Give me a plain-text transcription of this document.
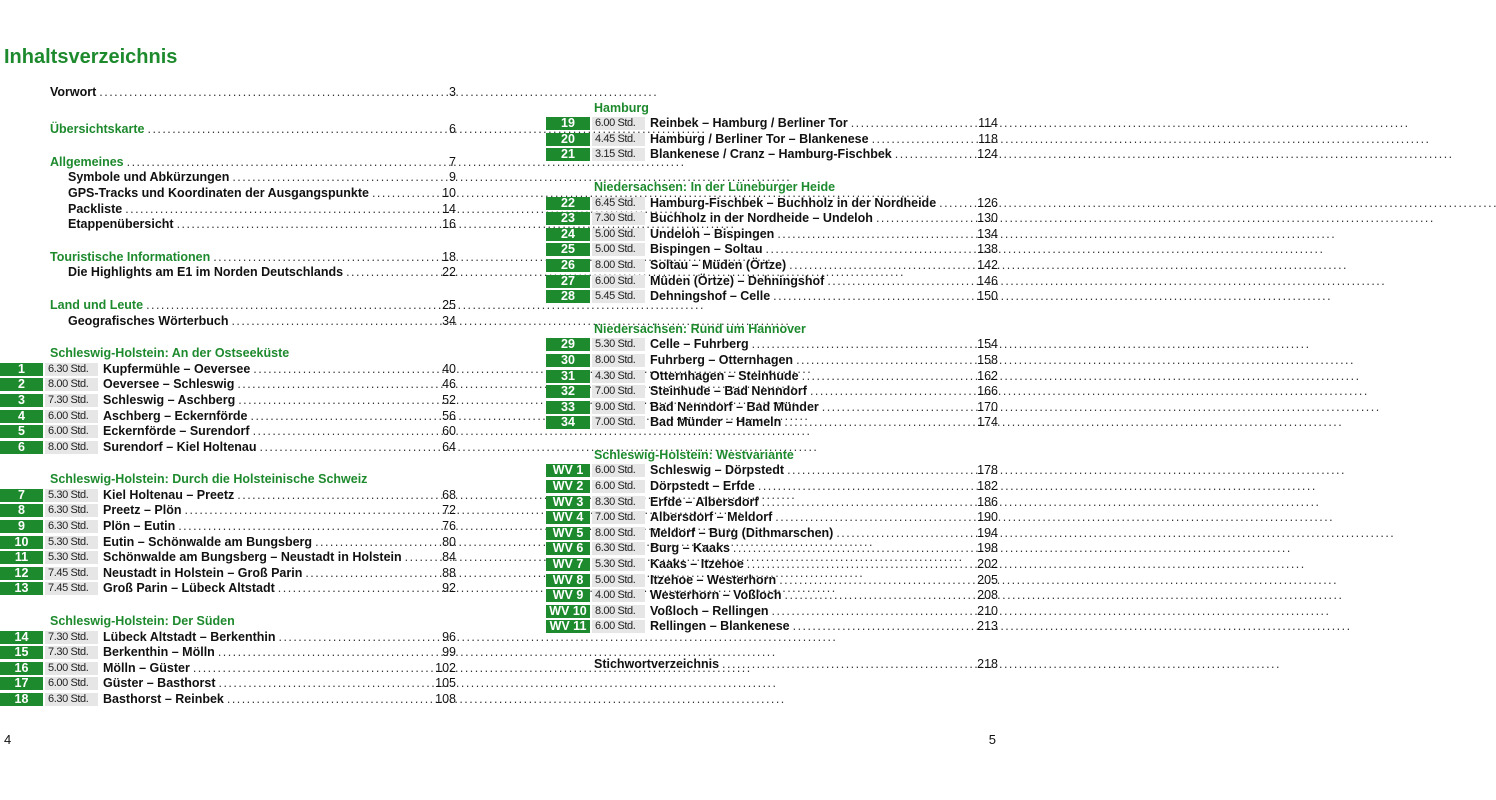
Inhaltsverzeichnis
Vorwort . . .	3
Übersichtskarte . . .	6
Allgemeines . . .	7
Symbole und Abkürzungen . . .	9
GPS-Tracks und Koordinaten der Ausgangspunkte . . .	10
Packliste . . .	14
Etappenübersicht . . .	16
Touristische Informationen . . .	18
Die Highlights am E1 im Norden Deutschlands . . .	22
Land und Leute . . .	25
Geografisches Wörterbuch . . .	34
Schleswig-Holstein: An der Ostseeküste
1	6.30 Std.	Kupfermühle – Oeversee . . .	40
2	8.00 Std.	Oeversee – Schleswig . . .	46
3	7.30 Std.	Schleswig – Aschberg . . .	52
4	6.00 Std.	Aschberg – Eckernförde . . .	56
5	6.00 Std.	Eckernförde – Surendorf . . .	60
6	8.00 Std.	Surendorf – Kiel Holtenau . . .	64
Schleswig-Holstein: Durch die Holsteinische Schweiz
7	5.30 Std.	Kiel Holtenau – Preetz . . .	68
8	6.30 Std.	Preetz – Plön . . .	72
9	6.30 Std.	Plön – Eutin . . .	76
10	5.30 Std.	Eutin – Schönwalde am Bungsberg . . .	80
11	5.30 Std.	Schönwalde am Bungsberg – Neustadt in Holstein . . .	84
12	7.45 Std.	Neustadt in Holstein – Groß Parin . . .	88
13	7.45 Std.	Groß Parin – Lübeck Altstadt . . .	92
Schleswig-Holstein: Der Süden
14	7.30 Std.	Lübeck Altstadt – Berkenthin . . .	96
15	7.30 Std.	Berkenthin – Mölln . . .	99
16	5.00 Std.	Mölln – Güster . . .	102
17	6.00 Std.	Güster – Basthorst . . .	105
18	6.30 Std.	Basthorst – Reinbek . . .	108
Hamburg
19	6.00 Std.	Reinbek – Hamburg / Berliner Tor . . .	114
20	4.45 Std.	Hamburg / Berliner Tor – Blankenese . . .	118
21	3.15 Std.	Blankenese / Cranz – Hamburg-Fischbek . . .	124
Niedersachsen: In der Lüneburger Heide
22	6.45 Std.	Hamburg-Fischbek – Buchholz in der Nordheide . . .	126
23	7.30 Std.	Buchholz in der Nordheide – Undeloh . . .	130
24	5.00 Std.	Undeloh – Bispingen . . .	134
25	5.00 Std.	Bispingen – Soltau . . .	138
26	8.00 Std.	Soltau – Müden (Örtze) . . .	142
27	6.00 Std.	Müden (Örtze) – Dehningshof . . .	146
28	5.45 Std.	Dehningshof – Celle . . .	150
Niedersachsen: Rund um Hannover
29	5.30 Std.	Celle – Fuhrberg . . .	154
30	8.00 Std.	Fuhrberg – Otternhagen . . .	158
31	4.30 Std.	Otternhagen – Steinhude . . .	162
32	7.00 Std.	Steinhude – Bad Nenndorf . . .	166
33	9.00 Std.	Bad Nenndorf – Bad Münder . . .	170
34	7.00 Std.	Bad Münder – Hameln . . .	174
Schleswig-Holstein: Westvariante
WV 1	6.00 Std.	Schleswig – Dörpstedt . . .	178
WV 2	6.00 Std.	Dörpstedt – Erfde . . .	182
WV 3	8.30 Std.	Erfde – Albersdorf . . .	186
WV 4	7.00 Std.	Albersdorf – Meldorf . . .	190
WV 5	8.00 Std.	Meldorf – Burg (Dithmarschen) . . .	194
WV 6	6.30 Std.	Burg – Kaaks . . .	198
WV 7	5.30 Std.	Kaaks – Itzehoe . . .	202
WV 8	5.00 Std.	Itzehoe – Westerhorn . . .	205
WV 9	4.00 Std.	Westerhorn – Voßloch . . .	208
WV 10 8.00 Std.	Voßloch – Rellingen . . .	210
WV 11 6.00 Std.	Rellingen – Blankenese . . .	213
Stichwortverzeichnis . . .	218
4	5
